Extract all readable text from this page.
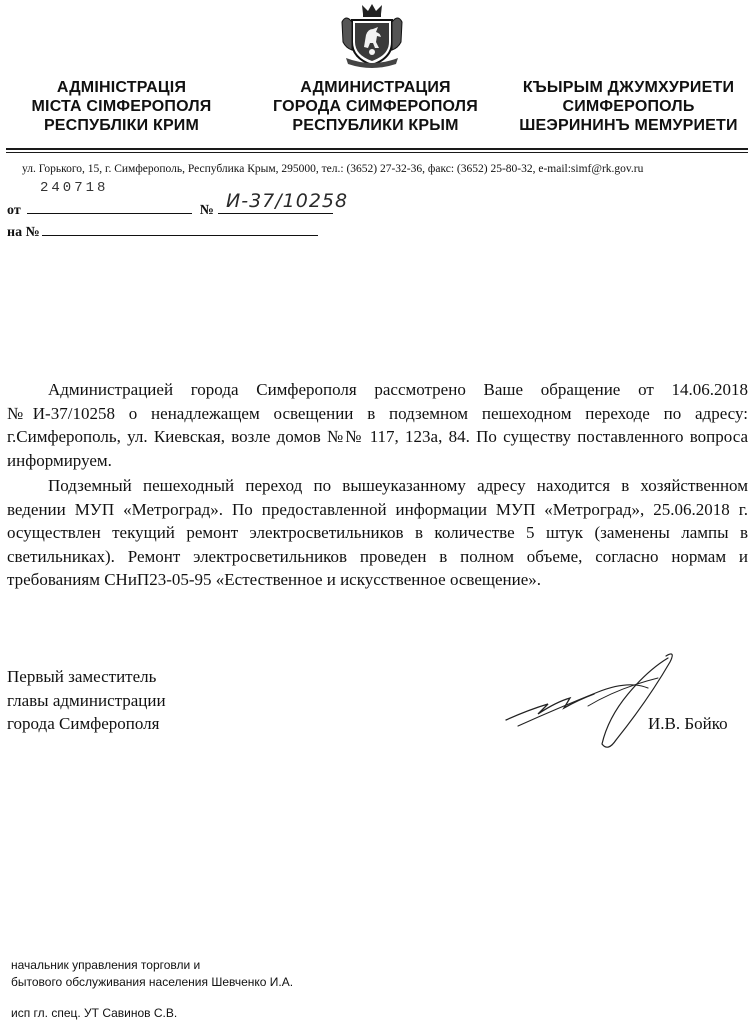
АДМІНІСТРАЦІЯ
МІСТА СІМФЕРОПОЛЯ
РЕСПУБЛІКИ КРИМ
АДМИНИСТРАЦИЯ
ГОРОДА СИМФЕРОПОЛЯ
РЕСПУБЛИКИ КРЫМ
КЪЫРЫМ ДЖУМХУРИЕТИ
СИМФЕРОПОЛЬ
ШЕЭРИНИНЪ МЕМУРИЕТИ
ул. Горького, 15, г. Симферополь, Республика Крым, 295000, тел.: (3652) 27-32-36, факс: (3652) 25-80-32, e-mail:simf@rk.gov.ru
240718
от	№ И-37/10258
на №
Администрацией города Симферополя рассмотрено Ваше обращение от 14.06.2018 №И-37/10258 о ненадлежащем освещении в подземном пешеходном переходе по адресу: г.Симферополь, ул. Киевская, возле домов №№ 117, 123а, 84. По существу поставленного вопроса информируем.
Подземный пешеходный переход по вышеуказанному адресу находится в хозяйственном ведении МУП «Метроград». По предоставленной информации МУП «Метроград», 25.06.2018 г. осуществлен текущий ремонт электросветильников в количестве 5 штук (заменены лампы в светильниках). Ремонт электросветильников проведен в полном объеме, согласно нормам и требованиям СНиП23-05-95 «Естественное и искусственное освещение».
Первый заместитель
главы администрации
города Симферополя	И.В. Бойко
начальник управления торговли и
бытового обслуживания населения Шевченко И.А.
исп гл. спец. УТ Савинов С.В.
